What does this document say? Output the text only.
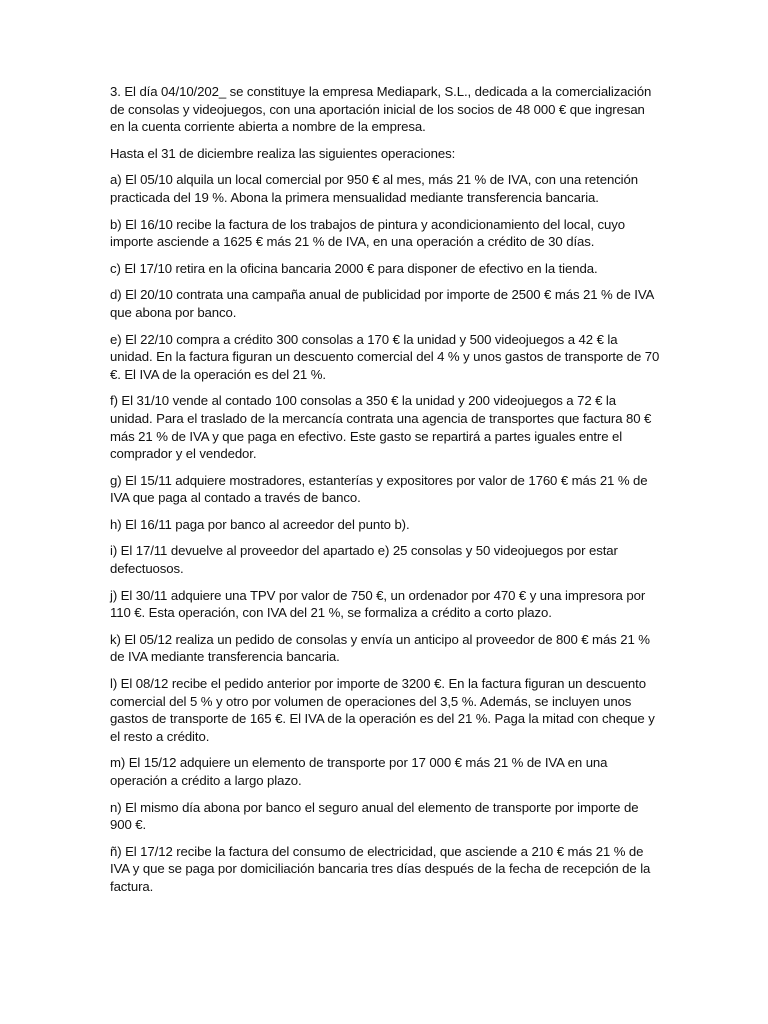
3. El día 04/10/202_ se constituye la empresa Mediapark, S.L., dedicada a la comercialización de consolas y videojuegos, con una aportación inicial de los socios de 48 000 € que ingresan en la cuenta corriente abierta a nombre de la empresa.

Hasta el 31 de diciembre realiza las siguientes operaciones:

a) El 05/10 alquila un local comercial por 950 € al mes, más 21 % de IVA, con una retención practicada del 19 %. Abona la primera mensualidad mediante transferencia bancaria.

b) El 16/10 recibe la factura de los trabajos de pintura y acondicionamiento del local, cuyo importe asciende a 1625 € más 21 % de IVA, en una operación a crédito de 30 días.

c) El 17/10 retira en la oficina bancaria 2000 € para disponer de efectivo en la tienda.

d) El 20/10 contrata una campaña anual de publicidad por importe de 2500 € más 21 % de IVA que abona por banco.

e) El 22/10 compra a crédito 300 consolas a 170 € la unidad y 500 videojuegos a 42 € la unidad. En la factura figuran un descuento comercial del 4 % y unos gastos de transporte de 70 €. El IVA de la operación es del 21 %.

f) El 31/10 vende al contado 100 consolas a 350 € la unidad y 200 videojuegos a 72 € la unidad. Para el traslado de la mercancía contrata una agencia de transportes que factura 80 € más 21 % de IVA y que paga en efectivo. Este gasto se repartirá a partes iguales entre el comprador y el vendedor.

g) El 15/11 adquiere mostradores, estanterías y expositores por valor de 1760 € más 21 % de IVA que paga al contado a través de banco.

h) El 16/11 paga por banco al acreedor del punto b).

i) El 17/11 devuelve al proveedor del apartado e) 25 consolas y 50 videojuegos por estar defectuosos.

j) El 30/11 adquiere una TPV por valor de 750 €, un ordenador por 470 € y una impresora por 110 €. Esta operación, con IVA del 21 %, se formaliza a crédito a corto plazo.

k) El 05/12 realiza un pedido de consolas y envía un anticipo al proveedor de 800 € más 21 % de IVA mediante transferencia bancaria.

l) El 08/12 recibe el pedido anterior por importe de 3200 €. En la factura figuran un descuento comercial del 5 % y otro por volumen de operaciones del 3,5 %. Además, se incluyen unos gastos de transporte de 165 €. El IVA de la operación es del 21 %. Paga la mitad con cheque y el resto a crédito.

m) El 15/12 adquiere un elemento de transporte por 17 000 € más 21 % de IVA en una operación a crédito a largo plazo.

n) El mismo día abona por banco el seguro anual del elemento de transporte por importe de 900 €.

ñ) El 17/12 recibe la factura del consumo de electricidad, que asciende a 210 € más 21 % de IVA y que se paga por domiciliación bancaria tres días después de la fecha de recepción de la factura.
